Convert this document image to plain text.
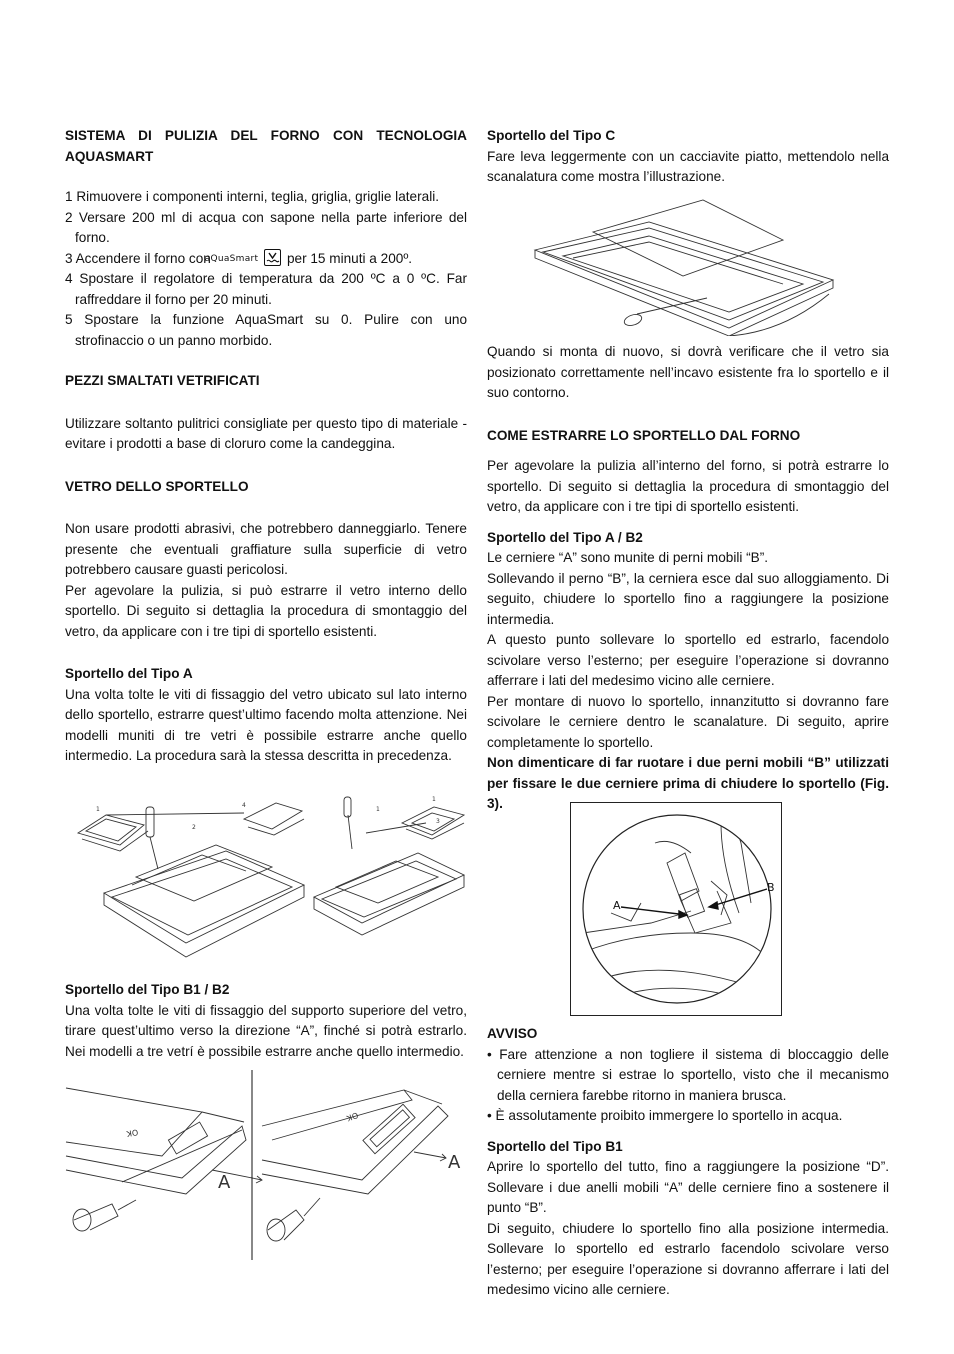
SISTEMA DI PULIZIA DEL FORNO CON TECNOLOGIA AQUASMART

1 Rimuovere i componenti interni, teglia, griglia, griglie laterali.
2 Versare 200 ml di acqua con sapone nella parte inferiore del forno.
3 Accendere il forno con aQuaSmart per 15 minuti a 200º.
4 Spostare il regolatore di temperatura da 200 ºC a 0 ºC. Far raffreddare il forno per 20 minuti.
5 Spostare la funzione AquaSmart su 0. Pulire con uno strofinaccio o un panno morbido.

PEZZI SMALTATI VETRIFICATI

Utilizzare soltanto pulitrici consigliate per questo tipo di materiale - evitare i prodotti a base di cloruro come la candeggina.

VETRO DELLO SPORTELLO

Non usare prodotti abrasivi, che potrebbero danneggiarlo. Tenere presente che eventuali graffiature sulla superficie di vetro potrebbero causare guasti pericolosi.

Per agevolare la pulizia, si può estrarre il vetro interno dello sportello. Di seguito si dettaglia la procedura di smontaggio del vetro, da applicare con i tre tipi di sportello esistenti.

Sportello del Tipo A

Una volta tolte le viti di fissaggio del vetro ubicato sul lato interno dello sportello, estrarre quest’ultimo facendo molta attenzione. Nei modelli muniti di tre vetri è possibile estrarre anche quello intermedio. La procedura sarà la stessa descritta in precedenza.

1
2
4
1
1
3

Sportello del Tipo B1 / B2

Una volta tolte le viti di fissaggio del supporto superiore del vetro, tirare quest’ultimo verso la direzione “A”, finché si potrà estrarlo. Nei modelli a tre vetrí è possibile estrarre anche quello intermedio.

OK
OK
A
A

Sportello del Tipo C

Fare leva leggermente con un cacciavite piatto, mettendolo nella scanalatura come mostra l’illustrazione.

Quando si monta di nuovo, si dovrà verificare che il vetro sia posizionato correttamente nell’incavo esistente fra lo sportello e il suo contorno.

COME ESTRARRE LO SPORTELLO DAL FORNO

Per agevolare la pulizia all’interno del forno, si potrà estrarre lo sportello. Di seguito si dettaglia la procedura di smontaggio del vetro, da applicare con i tre tipi di sportello esistenti.

Sportello del Tipo A / B2

Le cerniere “A” sono munite di perni mobili “B”.

Sollevando il perno “B”, la cerniera esce dal suo alloggiamento. Di seguito, chiudere lo sportello fino a raggiungere la posizione intermedia.

A questo punto sollevare lo sportello ed estrarlo, facendolo scivolare verso l’esterno; per eseguire l’operazione si dovranno afferrare i lati del medesimo vicino alle cerniere.

Per montare di nuovo lo sportello, innanzitutto si dovranno fare scivolare le cerniere dentro le scanalature. Di seguito, aprire completamente lo sportello.

Non dimenticare di far ruotare i due perni mobili “B” utilizzati per fissare le due cerniere prima di chiudere lo sportello (Fig. 3).

A
B

AVVISO

• Fare attenzione a non togliere il sistema di bloccaggio delle cerniere mentre si estrae lo sportello, visto che il mecanismo della cerniera farebbe ritorno in maniera brusca.
• È assolutamente proibito immergere lo sportello in acqua.

Sportello del Tipo B1

Aprire lo sportello del tutto, fino a raggiungere la posizione “D”. Sollevare i due anelli mobili “A” delle cerniere fino a sostenere il punto “B”.

Di seguito, chiudere lo sportello fino alla posizione intermedia. Sollevare lo sportello ed estrarlo facendolo scivolare verso l’esterno; per eseguire l’operazione si dovranno afferrare i lati del medesimo vicino alle cerniere.
